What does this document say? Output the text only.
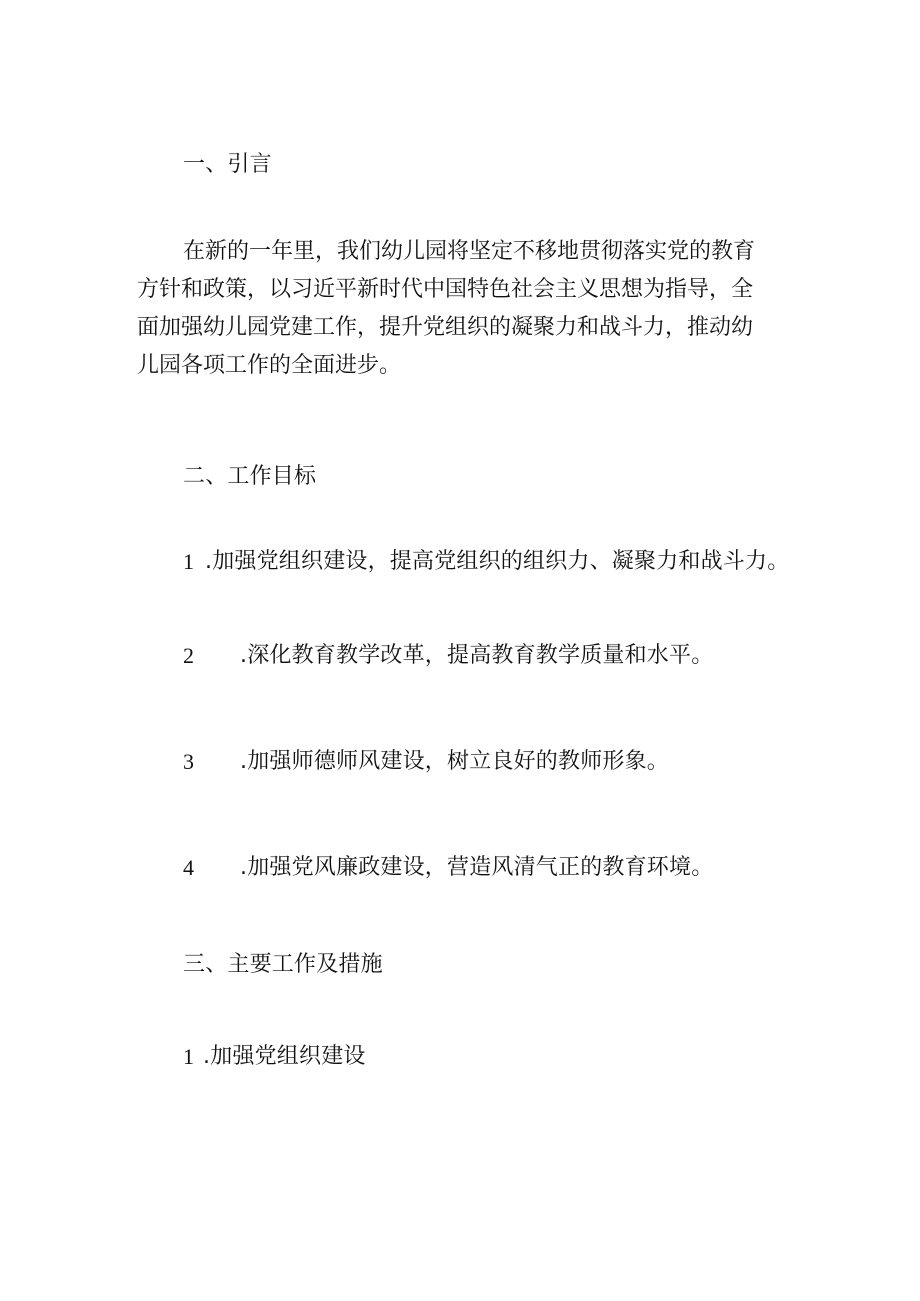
一、引言
在新的一年里，我们幼儿园将坚定不移地贯彻落实党的教育
方针和政策，以习近平新时代中国特色社会主义思想为指导，全
面加强幼儿园党建工作，提升党组织的凝聚力和战斗力，推动幼
儿园各项工作的全面进步。
二、工作目标
1 .加强党组织建设，提高党组织的组织力、凝聚力和战斗力。
2 .深化教育教学改革，提高教育教学质量和水平。
3 .加强师德师风建设，树立良好的教师形象。
4 .加强党风廉政建设，营造风清气正的教育环境。
三、主要工作及措施
1 .加强党组织建设
